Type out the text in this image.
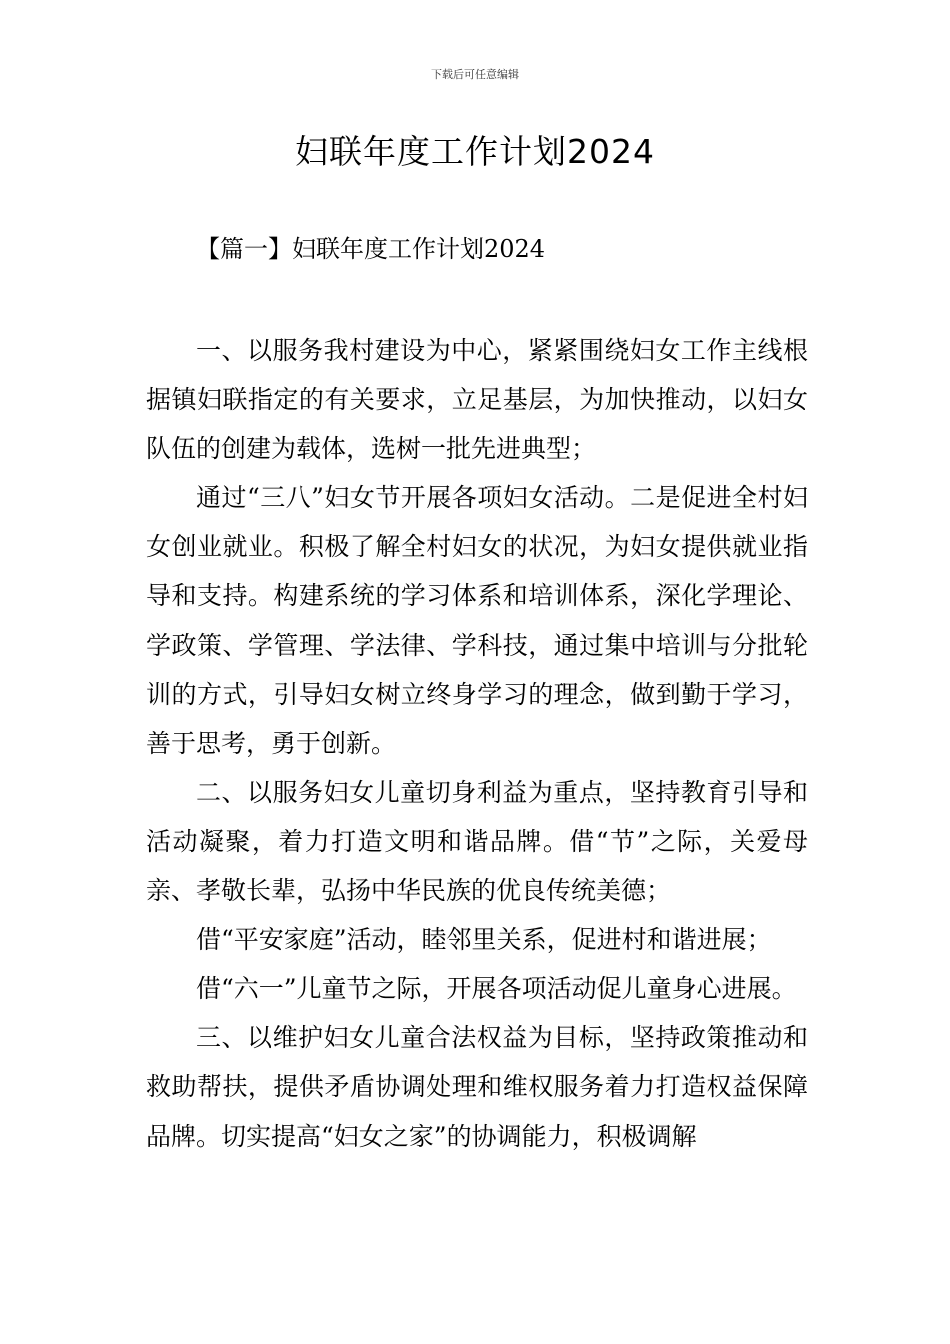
下载后可任意编辑
妇联年度工作计划2024
【篇一】妇联年度工作计划2024

一、以服务我村建设为中心，紧紧围绕妇女工作主线根据镇妇联指定的有关要求，立足基层，为加快推动，以妇女队伍的创建为载体，选树一批先进典型；

通过“三八”妇女节开展各项妇女活动。二是促进全村妇女创业就业。积极了解全村妇女的状况，为妇女提供就业指导和支持。构建系统的学习体系和培训体系，深化学理论、学政策、学管理、学法律、学科技，通过集中培训与分批轮训的方式，引导妇女树立终身学习的理念，做到勤于学习，善于思考，勇于创新。

二、以服务妇女儿童切身利益为重点，坚持教育引导和活动凝聚，着力打造文明和谐品牌。借“节”之际，关爱母亲、孝敬长辈，弘扬中华民族的优良传统美德；

借“平安家庭”活动，睦邻里关系，促进村和谐进展；

借“六一”儿童节之际，开展各项活动促儿童身心进展。

三、以维护妇女儿童合法权益为目标，坚持政策推动和救助帮扶，提供矛盾协调处理和维权服务着力打造权益保障品牌。切实提高“妇女之家”的协调能力，积极调解
